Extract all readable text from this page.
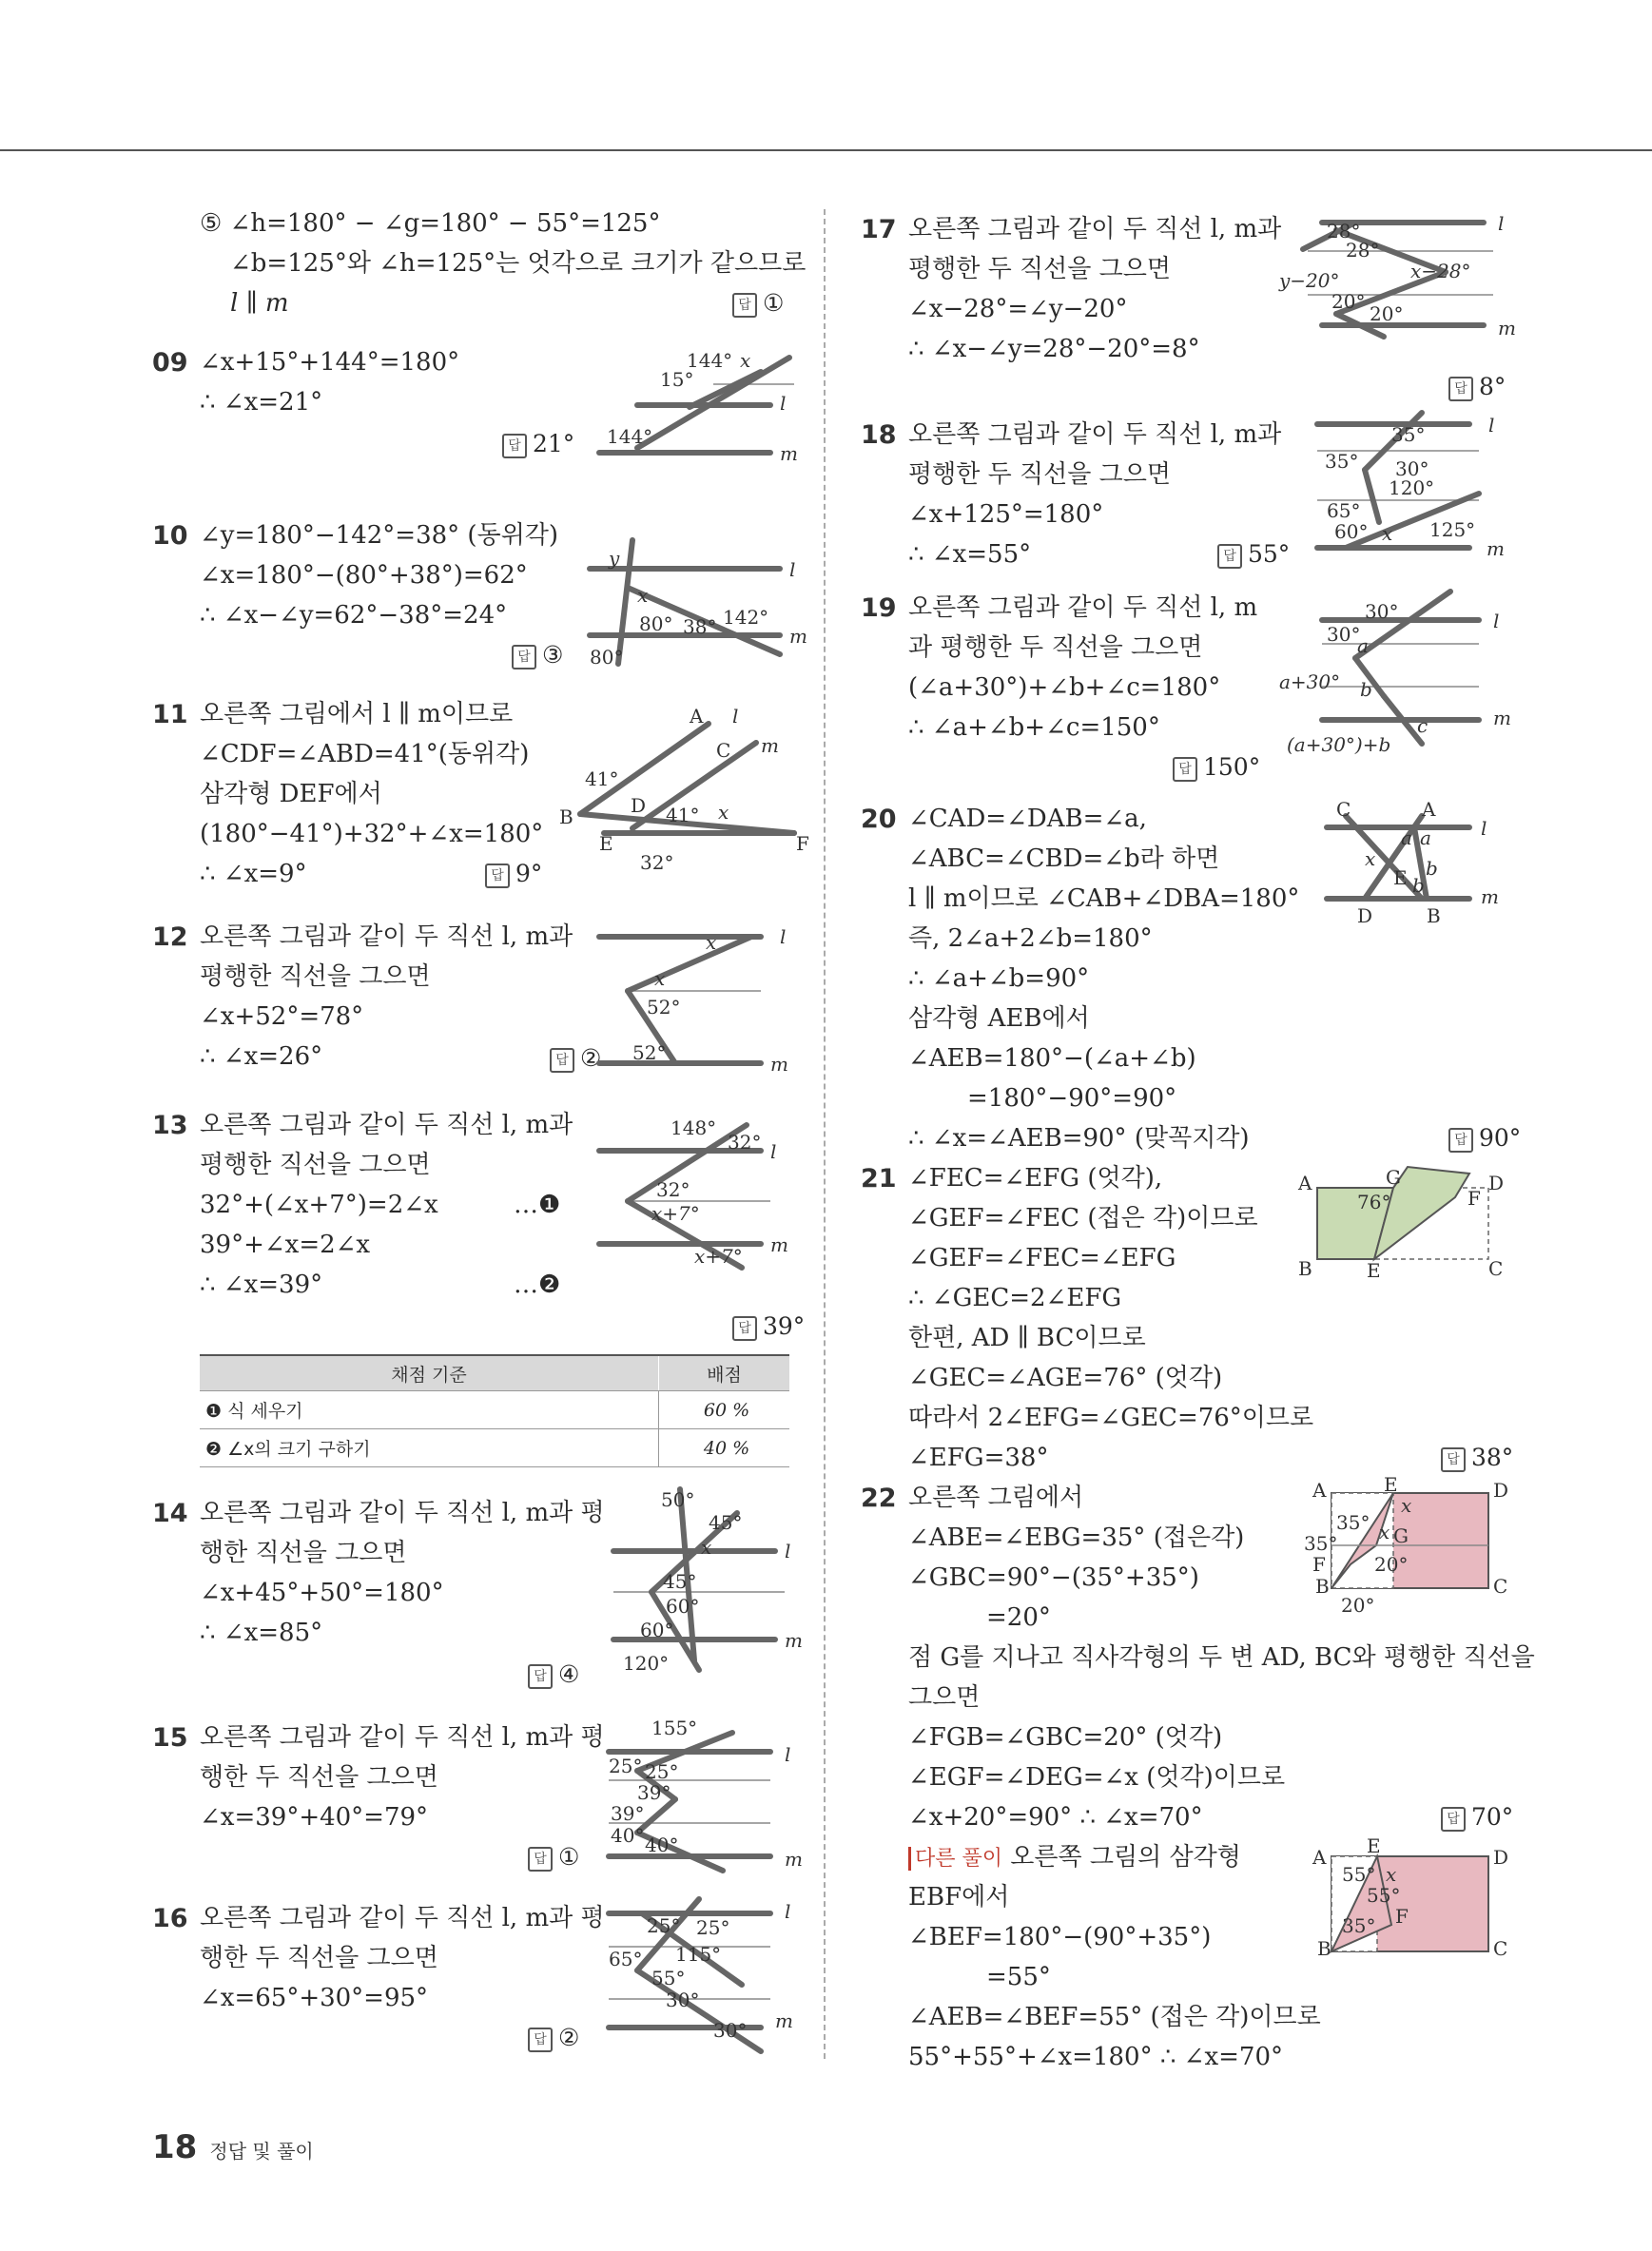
⑤ ∠h=180° − ∠g=180° − 55°=125°
∠b=125°와 ∠h=125°는 엇각으로 크기가 같으므로
l ∥ m	답 ①
09 ∠x+15°+144°=180°
∴ ∠x=21°
답 21°
144° x
15°
l
144°
m
10 ∠y=180°−142°=38° (동위각)
∠x=180°−(80°+38°)=62°
∴ ∠x−∠y=62°−38°=24°
답 ③
y	l
x
80° 38° 142°
m
80°
11 오른쪽 그림에서 l ∥ m이므로
∠CDF=∠ABD=41°(동위각)
삼각형 DEF에서
(180°−41°)+32°+∠x=180°
∴ ∠x=9°	답 9°
A l
C m
41°
D
B	41° x
E	F
32°
12 오른쪽 그림과 같이 두 직선 l, m과
평행한 직선을 그으면
∠x+52°=78°
∴ ∠x=26°	답 ②
x	l
x
52°
52°	m
13 오른쪽 그림과 같이 두 직선 l, m과
평행한 직선을 그으면
32°+(∠x+7°)=2∠x
39°+∠x=2∠x
∴ ∠x=39°
…❶
…❷
답 39°
148°
32° l
32°
x+7°
m
x+7°
채점 기준	배점
❶ 식 세우기	60 %
❷ ∠x의 크기 구하기	40 %
14 오른쪽 그림과 같이 두 직선 l, m과 평
행한 직선을 그으면
∠x+45°+50°=180°
∴ ∠x=85°
답 ④
50°
45°
x	l
45°
60°
60°	m
120°
15 오른쪽 그림과 같이 두 직선 l, m과 평
행한 두 직선을 그으면
∠x=39°+40°=79°
답 ①
155°
l
25° 25°
39°
39°
40° 40°
m
16 오른쪽 그림과 같이 두 직선 l, m과 평
행한 두 직선을 그으면
∠x=65°+30°=95°
답 ②
l
25° 25°
65° 115°
55°
30°
30° m
17 오른쪽 그림과 같이 두 직선 l, m과
평행한 두 직선을 그으면
∠x−28°=∠y−20°
∴ ∠x−∠y=28°−20°=8°
답 8°
28°	l
28°
x−28°
y−20°
20°
20°
m
18 오른쪽 그림과 같이 두 직선 l, m과
평행한 두 직선을 그으면
∠x+125°=180°
∴ ∠x=55°	답 55°
l
35°
35° 30°
120°
65°
60° x 125°
m
19 오른쪽 그림과 같이 두 직선 l, m
과 평행한 두 직선을 그으면
(∠a+30°)+∠b+∠c=180°
∴ ∠a+∠b+∠c=150°
답 150°
30°	l
30°
a
a+30° b
c	m
(a+30°)+b
20 ∠CAD=∠DAB=∠a,
∠ABC=∠CBD=∠b라 하면
l ∥ m이므로 ∠CAB+∠DBA=180°
즉, 2∠a+2∠b=180°
∴ ∠a+∠b=90°
삼각형 AEB에서
∠AEB=180°−(∠a+∠b)
=180°−90°=90°
∴ ∠x=∠AEB=90° (맞꼭지각)	답 90°
C	A
l
a a
x
E b
b	m
D	B
21 ∠FEC=∠EFG (엇각),
∠GEF=∠FEC (접은 각)이므로
∠GEF=∠FEC=∠EFG
∴ ∠GEC=2∠EFG
한편, AD ∥ BC이므로
∠GEC=∠AGE=76° (엇각)
따라서 2∠EFG=∠GEC=76°이므로
∠EFG=38°	답 38°
A	G	D
76°	F
B	E	C
22 오른쪽 그림에서
∠ABE=∠EBG=35° (접은각)
∠GBC=90°−(35°+35°)
=20°
점 G를 지나고 직사각형의 두 변 AD, BC와 평행한 직선을
그으면
∠FGB=∠GBC=20° (엇각)
∠EGF=∠DEG=∠x (엇각)이므로
∠x+20°=90° ∴ ∠x=70°	답 70°
A	E	D
x
35° x G
35°
F	20°
B	C
20°
다른 풀이 오른쪽 그림의 삼각형
EBF에서
∠BEF=180°−(90°+35°)
=55°
∠AEB=∠BEF=55° (접은 각)이므로
55°+55°+∠x=180° ∴ ∠x=70°
A E	D
55° x
55°
F
35°
B	C
18 정답 및 풀이
